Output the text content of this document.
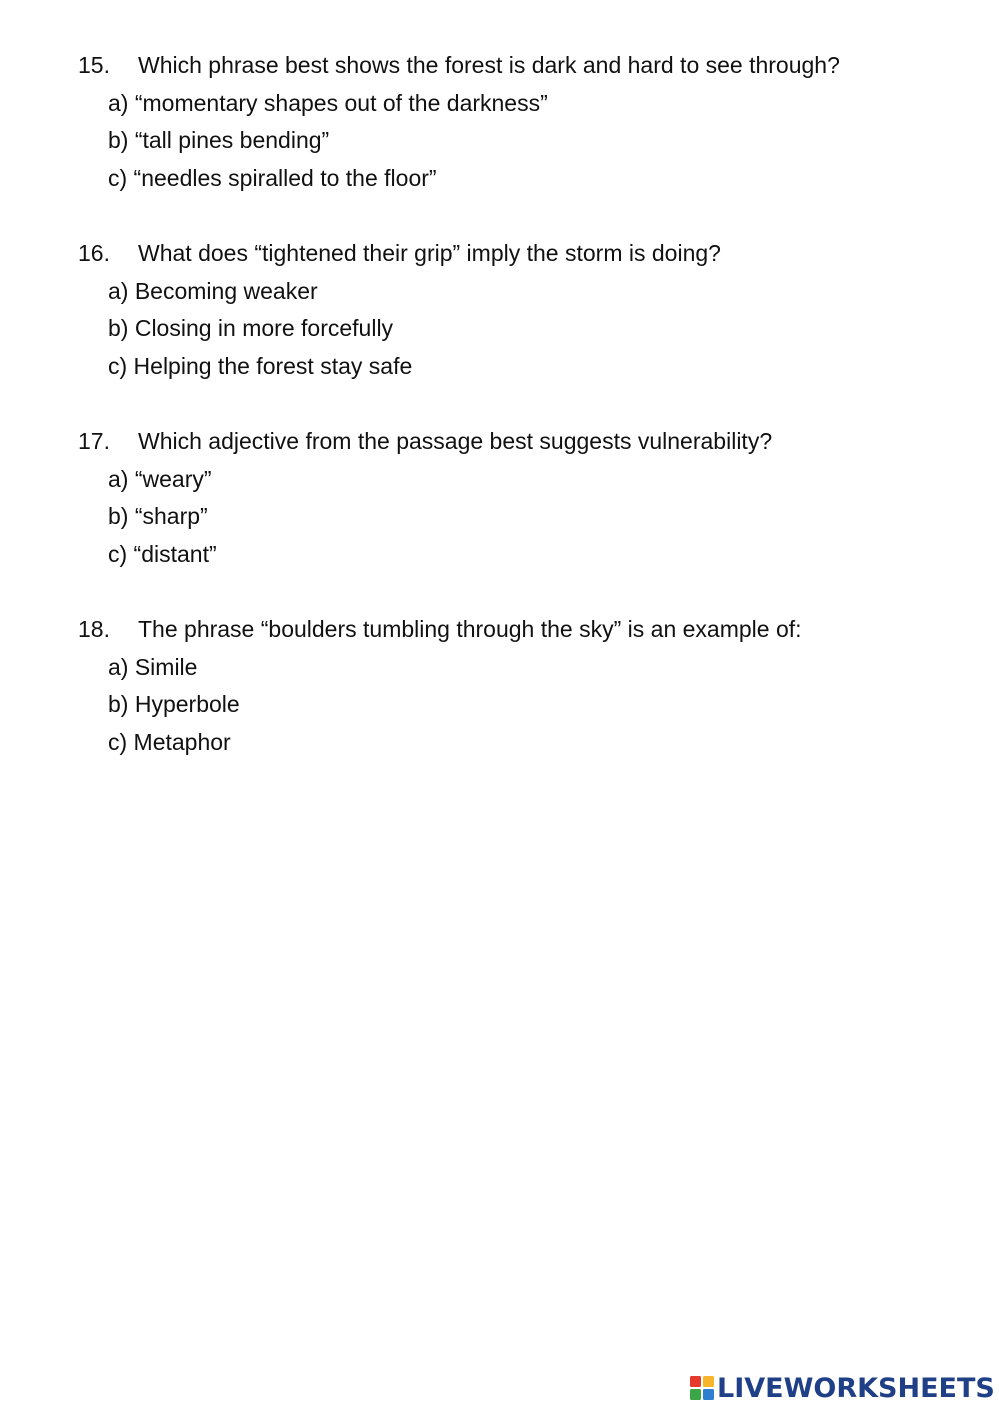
15. Which phrase best shows the forest is dark and hard to see through?
a) “momentary shapes out of the darkness”
b) “tall pines bending”
c) “needles spiralled to the floor”
16. What does “tightened their grip” imply the storm is doing?
a) Becoming weaker
b) Closing in more forcefully
c) Helping the forest stay safe
17. Which adjective from the passage best suggests vulnerability?
a) “weary”
b) “sharp”
c) “distant”
18. The phrase “boulders tumbling through the sky” is an example of:
a) Simile
b) Hyperbole
c) Metaphor
LIVEWORKSHEETS
